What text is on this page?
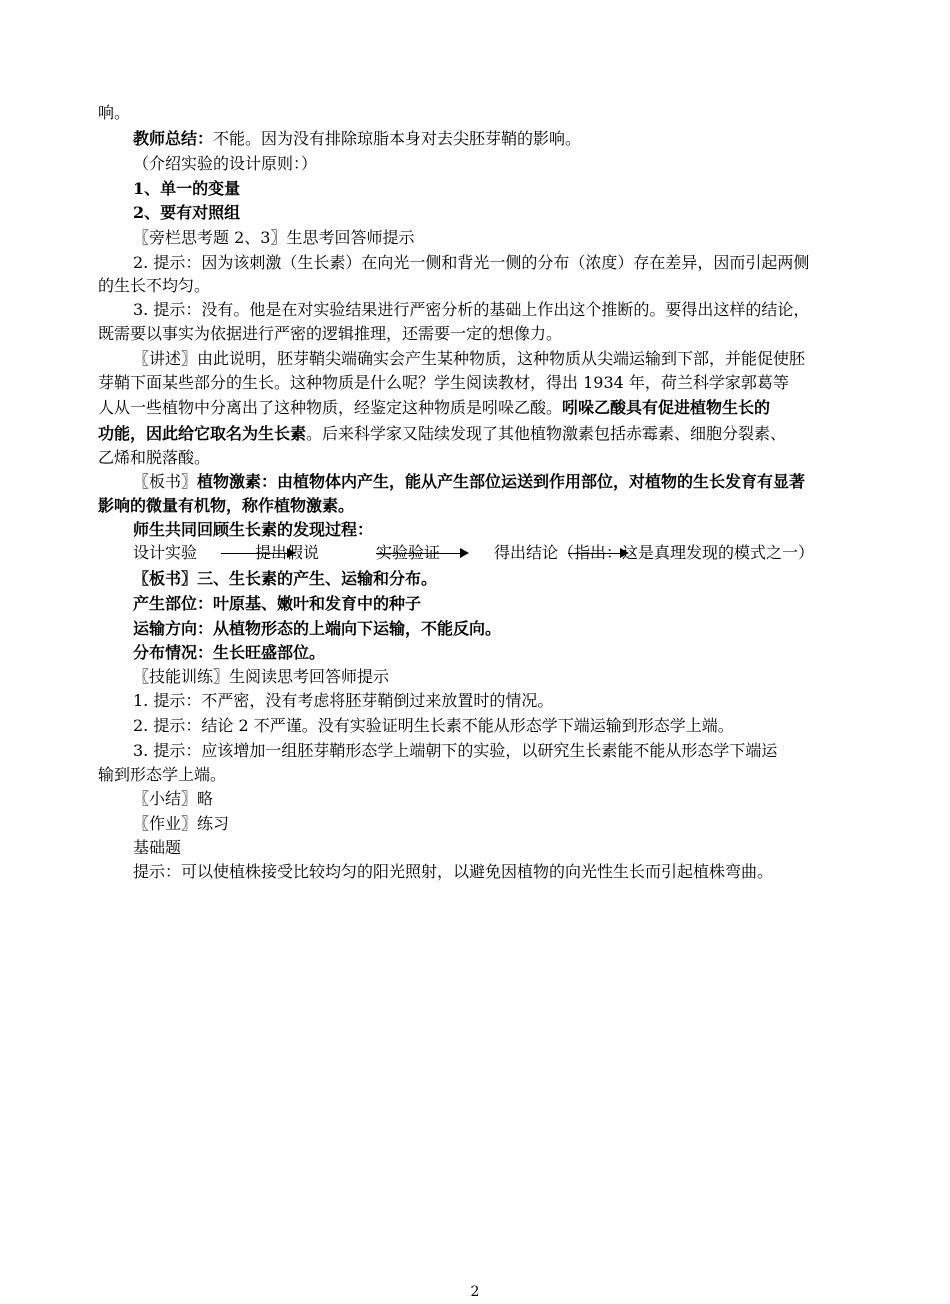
响。
教师总结：不能。因为没有排除琼脂本身对去尖胚芽鞘的影响。
（介绍实验的设计原则：）
1、单一的变量
2、要有对照组
〖旁栏思考题 2、3〗生思考回答师提示
2. 提示：因为该刺激（生长素）在向光一侧和背光一侧的分布（浓度）存在差异，因而引起两侧
的生长不均匀。
3. 提示：没有。他是在对实验结果进行严密分析的基础上作出这个推断的。要得出这样的结论，
既需要以事实为依据进行严密的逻辑推理，还需要一定的想像力。
〖讲述〗由此说明，胚芽鞘尖端确实会产生某种物质，这种物质从尖端运输到下部，并能促使胚
芽鞘下面某些部分的生长。这种物质是什么呢？学生阅读教材，得出 1934 年，荷兰科学家郭葛等
人从一些植物中分离出了这种物质，经鉴定这种物质是吲哚乙酸。吲哚乙酸具有促进植物生长的
功能，因此给它取名为生长素。后来科学家又陆续发现了其他植物激素包括赤霉素、细胞分裂素、
乙烯和脱落酸。
〖板书〗植物激素：由植物体内产生，能从产生部位运送到作用部位，对植物的生长发育有显著
影响的微量有机物，称作植物激素。
师生共同回顾生长素的发现过程：
设计实验	提出假说	实验验证	得出结论 （指出：这是真理发现的模式之一）
〖板书〗三、生长素的产生、运输和分布。
产生部位：叶原基、嫩叶和发育中的种子
运输方向：从植物形态的上端向下运输，不能反向。
分布情况：生长旺盛部位。
〖技能训练〗生阅读思考回答师提示
1. 提示：不严密，没有考虑将胚芽鞘倒过来放置时的情况。
2. 提示：结论 2 不严谨。没有实验证明生长素不能从形态学下端运输到形态学上端。
3. 提示：应该增加一组胚芽鞘形态学上端朝下的实验，以研究生长素能不能从形态学下端运
输到形态学上端。
〖小结〗略
〖作业〗练习
基础题
提示：可以使植株接受比较均匀的阳光照射，以避免因植物的向光性生长而引起植株弯曲。
2
